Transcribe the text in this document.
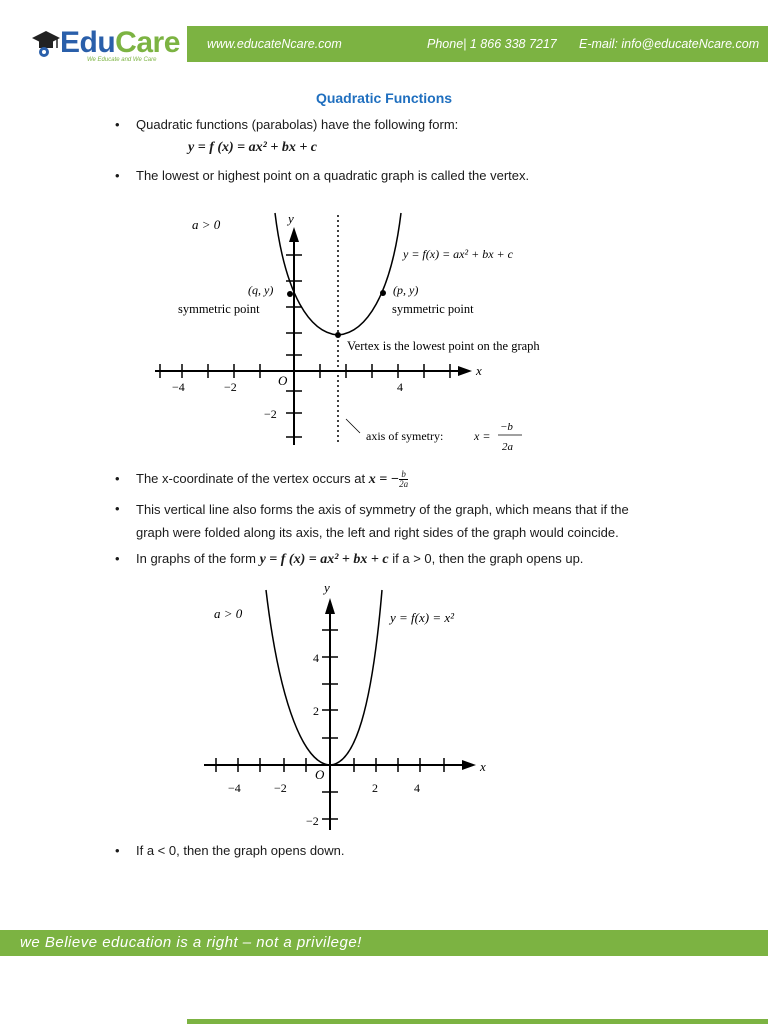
EduCare
We Educate and We Care
www.educateNcare.com	Phone| 1 866 338 7217 E-mail: info@educateNcare.com
Quadratic Functions
• Quadratic functions (parabolas) have the following form:
y = f (x) = ax² + bx + c
• The lowest or highest point on a quadratic graph is called the vertex.
a > 0	y
x
y = f(x) = ax² + bx + c
(q, y)	(p, y)
symmetric point	symmetric point
Vertex is the lowest point on the graph
O
−4	−2	4
−2
axis of symetry:	x =
−b
2a
• The x-coordinate of the vertex occurs at x = − $\frac{b}{2a}$
• This vertical line also forms the axis of symmetry of the graph, which means that if the
graph were folded along its axis, the left and right sides of the graph would coincide.
• In graphs of the form y = f (x) = ax² + bx + c if a > 0, then the graph opens up.
a > 0
y
x
y = f(x) = x²
O
4
2
−2
−4	−2	2	4
• If a < 0, then the graph opens down.
we Believe education is a right – not a privilege!
